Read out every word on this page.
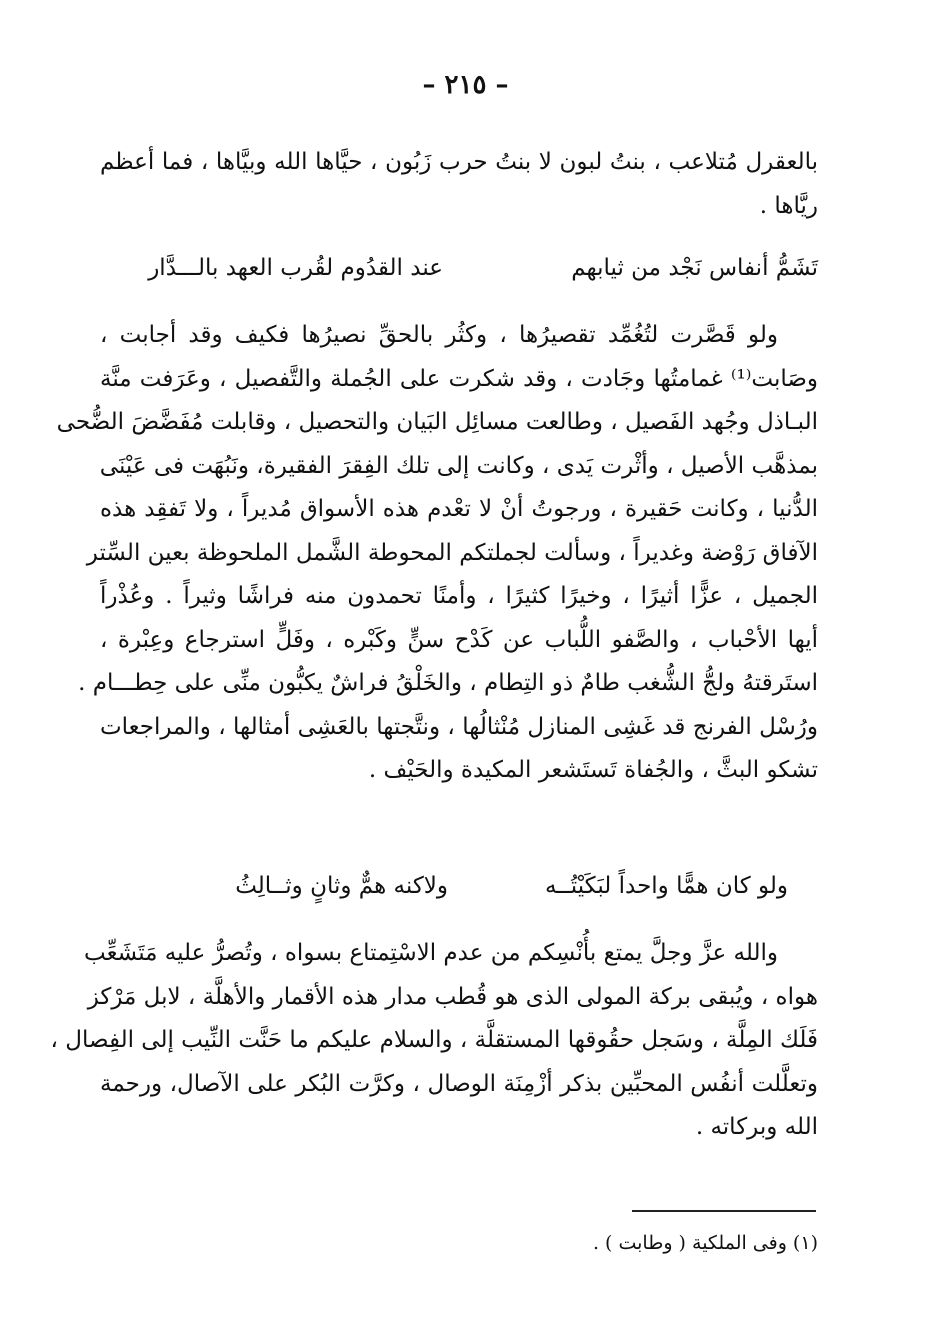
– ٢١٥ –
بالعقرل مُتلاعب ، بنتُ لبون لا بنتُ حرب زَبُون ، حيَّاها الله وبيَّاها ، فما أعظم
ريَّاها .
تَشَمُّ أنفاس نَجْد من ثيابهم
عند القدُوم لقُرب العهد بالـــدَّار
ولو قَصَّرت لتُغُمِّد تقصيرُها ، وكثُر بالحقِّ نصيرُها فكيف وقد أجابت ،
وصَابت⁽¹⁾ غمامتُها وجَادت ، وقد شكرت على الجُملة والتَّفصيل ، وعَرَفت منَّة
البـاذل وجُهد الفَصيل ، وطالعت مسائِل البَيان والتحصيل ، وقابلت مُفَضَّضَ الضُّحى
بمذهَّب الأصيل ، وأثْرت يَدى ، وكانت إلى تلك الفِقرَ الفقيرة، ونَبُهَت فى عَيْنَى
الدُّنيا ، وكانت حَقيرة ، ورجوتُ أنْ لا تعْدم هذه الأسواق مُديراً ، ولا تَفقِد هذه
الآفاق رَوْضة وغديراً ، وسألت لجملتكم المحوطة الشَّمل الملحوظة بعين السِّتر
الجميل ، عزًّا أثيرًا ، وخيرًا كثيرًا ، وأمنًا تحمدون منه فراشًا وثيراً . وعُذْراً
أيها الأحْباب ، والصَّفو اللُّباب عن كَدْح سنٍّ وكَبْره ، وفَلٍّ استرجاع وعِبْرة ،
استَرقتهُ ولجُّ الشُّغب طامٌ ذو التِطام ، والخَلْقُ فراشٌ يكبُّون منِّى على حِطـــام .
ورُسْل الفرنج قد غَشِى المنازل مُنْثالُها ، ونتَّجتها بالعَشِى أمثالها ، والمراجعات
تشكو البثَّ ، والجُفاة تَستَشعر المكيدة والحَيْف .
ولو كان همًّا واحداً لبَكَيْتُــه
ولاكنه همٌّ وثانٍ وثــالِثُ
والله عزَّ وجلَّ يمتع بأُنْسِكم من عدم الاسْتِمتاع بسواه ، وتُصرُّ عليه مَتَشَعِّب
هواه ، ويُبقى بركة المولى الذى هو قُطب مدار هذه الأقمار والأهلَّة ، لابل مَرْكز
فَلَك المِلَّة ، وسَجل حقُوقها المستقلَّة ، والسلام عليكم ما حَنَّت النِّيب إلى الفِصال ،
وتعلَّلت أنفُس المحبِّين بذكر أزْمِنَة الوصال ، وكرَّت البُكر على الآصال، ورحمة
الله وبركاته .
(١) وفى الملكية ( وطابت ) .
